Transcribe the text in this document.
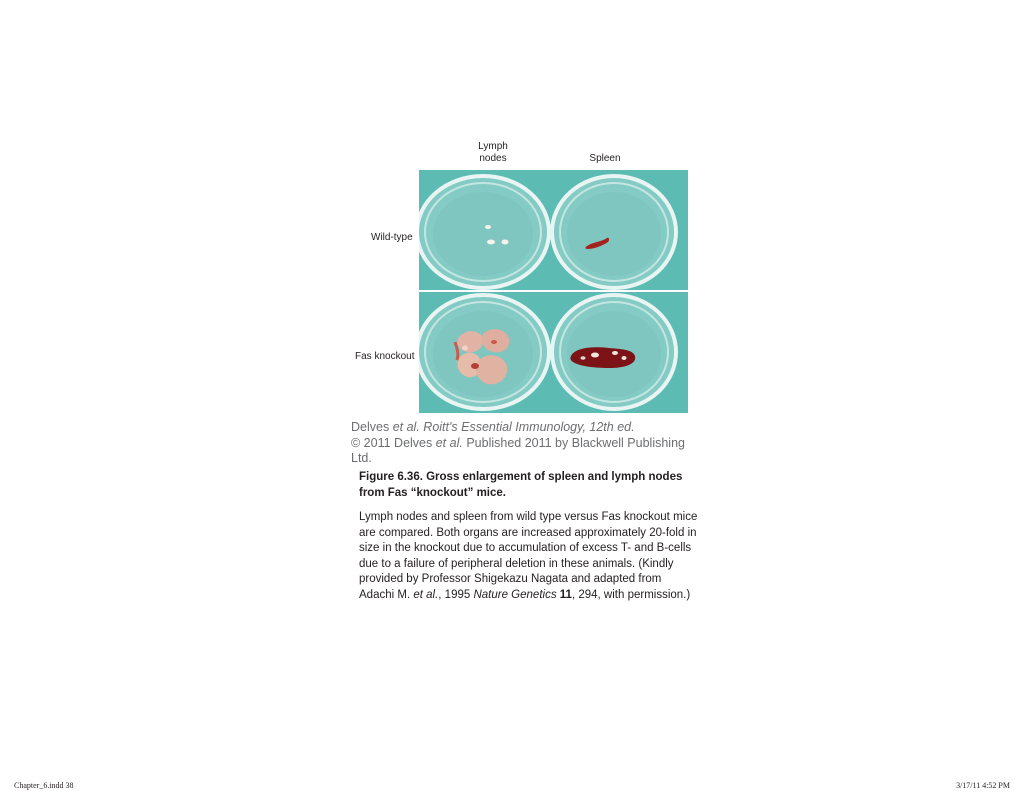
Lymph
nodes	Spleen
Wild-type
Fas knockout
Delves et al. Roitt's Essential Immunology, 12th ed.
© 2011 Delves et al. Published 2011 by Blackwell Publishing Ltd.
Figure 6.36. Gross enlargement of spleen and lymph nodes from Fas “knockout” mice.
Lymph nodes and spleen from wild type versus Fas knockout mice are compared. Both organs are increased approximately 20-fold in size in the knockout due to accumulation of excess T- and B-cells due to a failure of peripheral deletion in these animals. (Kindly provided by Professor Shigekazu Nagata and adapted from Adachi M. et al., 1995 Nature Genetics 11, 294, with permission.)
Chapter_6.indd 38	3/17/11 4:52 PM
